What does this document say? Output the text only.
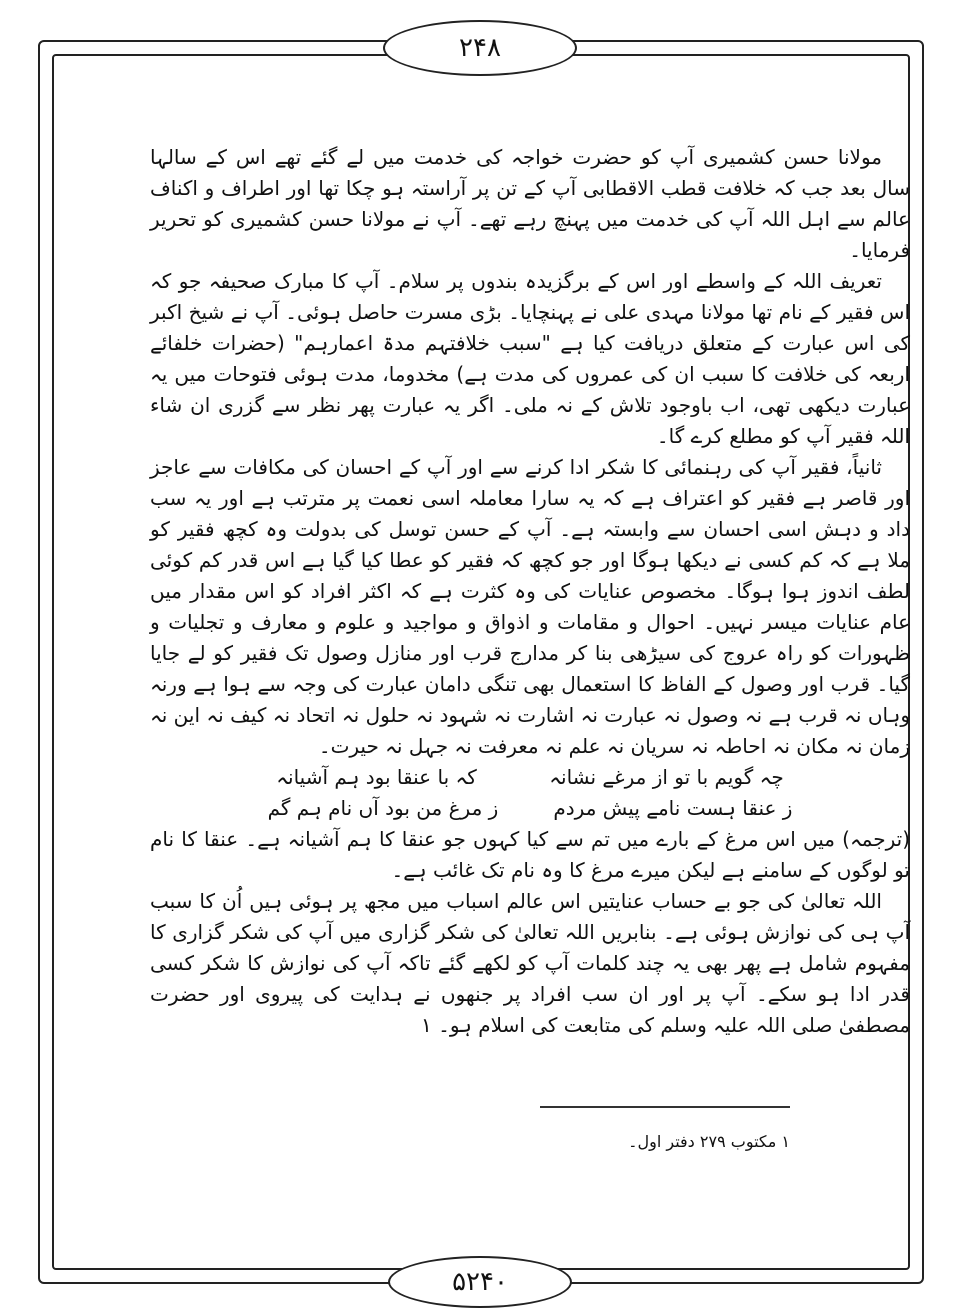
۲۴۸

مولانا حسن کشمیری آپ کو حضرت خواجہ کی خدمت میں لے گئے تھے اس کے سالہا سال بعد جب کہ خلافت قطب الاقطابی آپ کے تن پر آراستہ ہو چکا تھا اور اطراف و اکناف عالم سے اہل اللہ آپ کی خدمت میں پہنچ رہے تھے۔ آپ نے مولانا حسن کشمیری کو تحریر فرمایا۔

تعریف اللہ کے واسطے اور اس کے برگزیدہ بندوں پر سلام۔ آپ کا مبارک صحیفہ جو کہ اس فقیر کے نام تھا مولانا مہدی علی نے پہنچایا۔ بڑی مسرت حاصل ہوئی۔ آپ نے شیخ اکبر کی اس عبارت کے متعلق دریافت کیا ہے "سبب خلافتہم مدۃ اعمارہم" (حضرات خلفائے اربعہ کی خلافت کا سبب ان کی عمروں کی مدت ہے) مخدوما، مدت ہوئی فتوحات میں یہ عبارت دیکھی تھی، اب باوجود تلاش کے نہ ملی۔ اگر یہ عبارت پھر نظر سے گزری ان شاء اللہ فقیر آپ کو مطلع کرے گا۔

ثانیاً، فقیر آپ کی رہنمائی کا شکر ادا کرنے سے اور آپ کے احسان کی مکافات سے عاجز اور قاصر ہے فقیر کو اعتراف ہے کہ یہ سارا معاملہ اسی نعمت پر مترتب ہے اور یہ سب داد و دہش اسی احسان سے وابستہ ہے۔ آپ کے حسن توسل کی بدولت وہ کچھ فقیر کو ملا ہے کہ کم کسی نے دیکھا ہوگا اور جو کچھ کہ فقیر کو عطا کیا گیا ہے اس قدر کم کوئی لطف اندوز ہوا ہوگا۔ مخصوص عنایات کی وہ کثرت ہے کہ اکثر افراد کو اس مقدار میں عام عنایات میسر نہیں۔ احوال و مقامات و اذواق و مواجید و علوم و معارف و تجلیات و ظہورات کو راہ عروج کی سیڑھی بنا کر مدارج قرب اور منازل وصول تک فقیر کو لے جایا گیا۔ قرب اور وصول کے الفاظ کا استعمال بھی تنگی دامان عبارت کی وجہ سے ہوا ہے ورنہ وہاں نہ قرب ہے نہ وصول نہ عبارت نہ اشارت نہ شہود نہ حلول نہ اتحاد نہ کیف نہ این نہ زمان نہ مکان نہ احاطہ نہ سریان نہ علم نہ معرفت نہ جہل نہ حیرت۔

چہ گویم با تو از مرغے نشانہ
کہ با عنقا بود ہم آشیانہ
ز عنقا ہست نامے پیش مردم
ز مرغ من بود آں نام ہم گم

(ترجمہ) میں اس مرغ کے بارے میں تم سے کیا کہوں جو عنقا کا ہم آشیانہ ہے۔ عنقا کا نام تو لوگوں کے سامنے ہے لیکن میرے مرغ کا وہ نام تک غائب ہے۔

اللہ تعالیٰ کی جو بے حساب عنایتیں اس عالم اسباب میں مجھ پر ہوئی ہیں اُن کا سبب آپ ہی کی نوازش ہوئی ہے۔ بنابریں اللہ تعالیٰ کی شکر گزاری میں آپ کی شکر گزاری کا مفہوم شامل ہے پھر بھی یہ چند کلمات آپ کو لکھے گئے تاکہ آپ کی نوازش کا شکر کسی قدر ادا ہو سکے۔ آپ پر اور ان سب افراد پر جنھوں نے ہدایت کی پیروی اور حضرت مصطفیٰ صلی اللہ علیہ وسلم کی متابعت کی اسلام ہو۔ ۱

۱ مکتوب ۲۷۹ دفتر اول۔
۵۲۴۰
